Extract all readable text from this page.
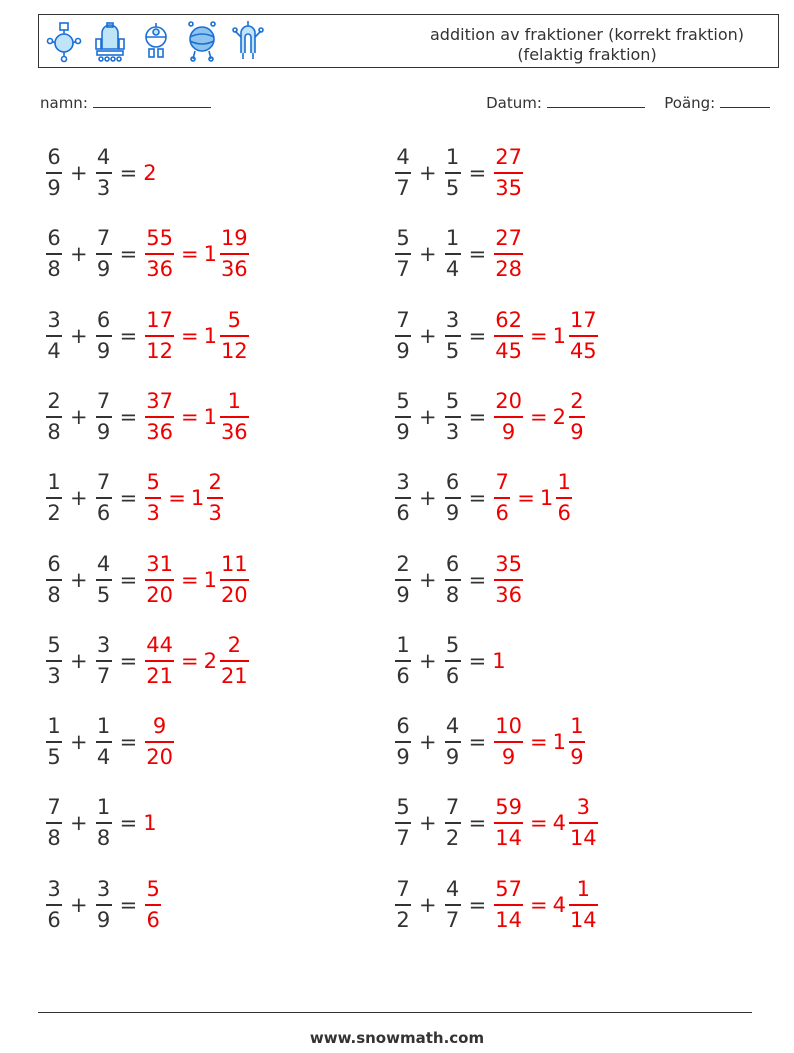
addition av fraktioner (korrekt fraktion)
(felaktig fraktion)
namn:	Datum:	Poäng:
$\frac{6}{9} + \frac{4}{3} = 2$	$\frac{4}{7} + \frac{1}{5} = \frac{27}{35}$
$\frac{6}{8} + \frac{7}{9} = \frac{55}{36} = 1 \frac{19}{36}$	$\frac{5}{7} + \frac{1}{4} = \frac{27}{28}$
$\frac{3}{4} + \frac{6}{9} = \frac{17}{12} = 1 \frac{5}{12}$	$\frac{7}{9} + \frac{3}{5} = \frac{62}{45} = 1 \frac{17}{45}$
$\frac{2}{8} + \frac{7}{9} = \frac{37}{36} = 1 \frac{1}{36}$	$\frac{5}{9} + \frac{5}{3} = \frac{20}{9} = 2 \frac{2}{9}$
$\frac{1}{2} + \frac{7}{6} = \frac{5}{3} = 1 \frac{2}{3}$	$\frac{3}{6} + \frac{6}{9} = \frac{7}{6} = 1 \frac{1}{6}$
$\frac{6}{8} + \frac{4}{5} = \frac{31}{20} = 1 \frac{11}{20}$	$\frac{2}{9} + \frac{6}{8} = \frac{35}{36}$
$\frac{5}{3} + \frac{3}{7} = \frac{44}{21} = 2 \frac{2}{21}$	$\frac{1}{6} + \frac{5}{6} = 1$
$\frac{1}{5} + \frac{1}{4} = \frac{9}{20}$	$\frac{6}{9} + \frac{4}{9} = \frac{10}{9} = 1 \frac{1}{9}$
$\frac{7}{8} + \frac{1}{8} = 1$	$\frac{5}{7} + \frac{7}{2} = \frac{59}{14} = 4 \frac{3}{14}$
$\frac{3}{6} + \frac{3}{9} = \frac{5}{6}$	$\frac{7}{2} + \frac{4}{7} = \frac{57}{14} = 4 \frac{1}{14}$
www.snowmath.com
